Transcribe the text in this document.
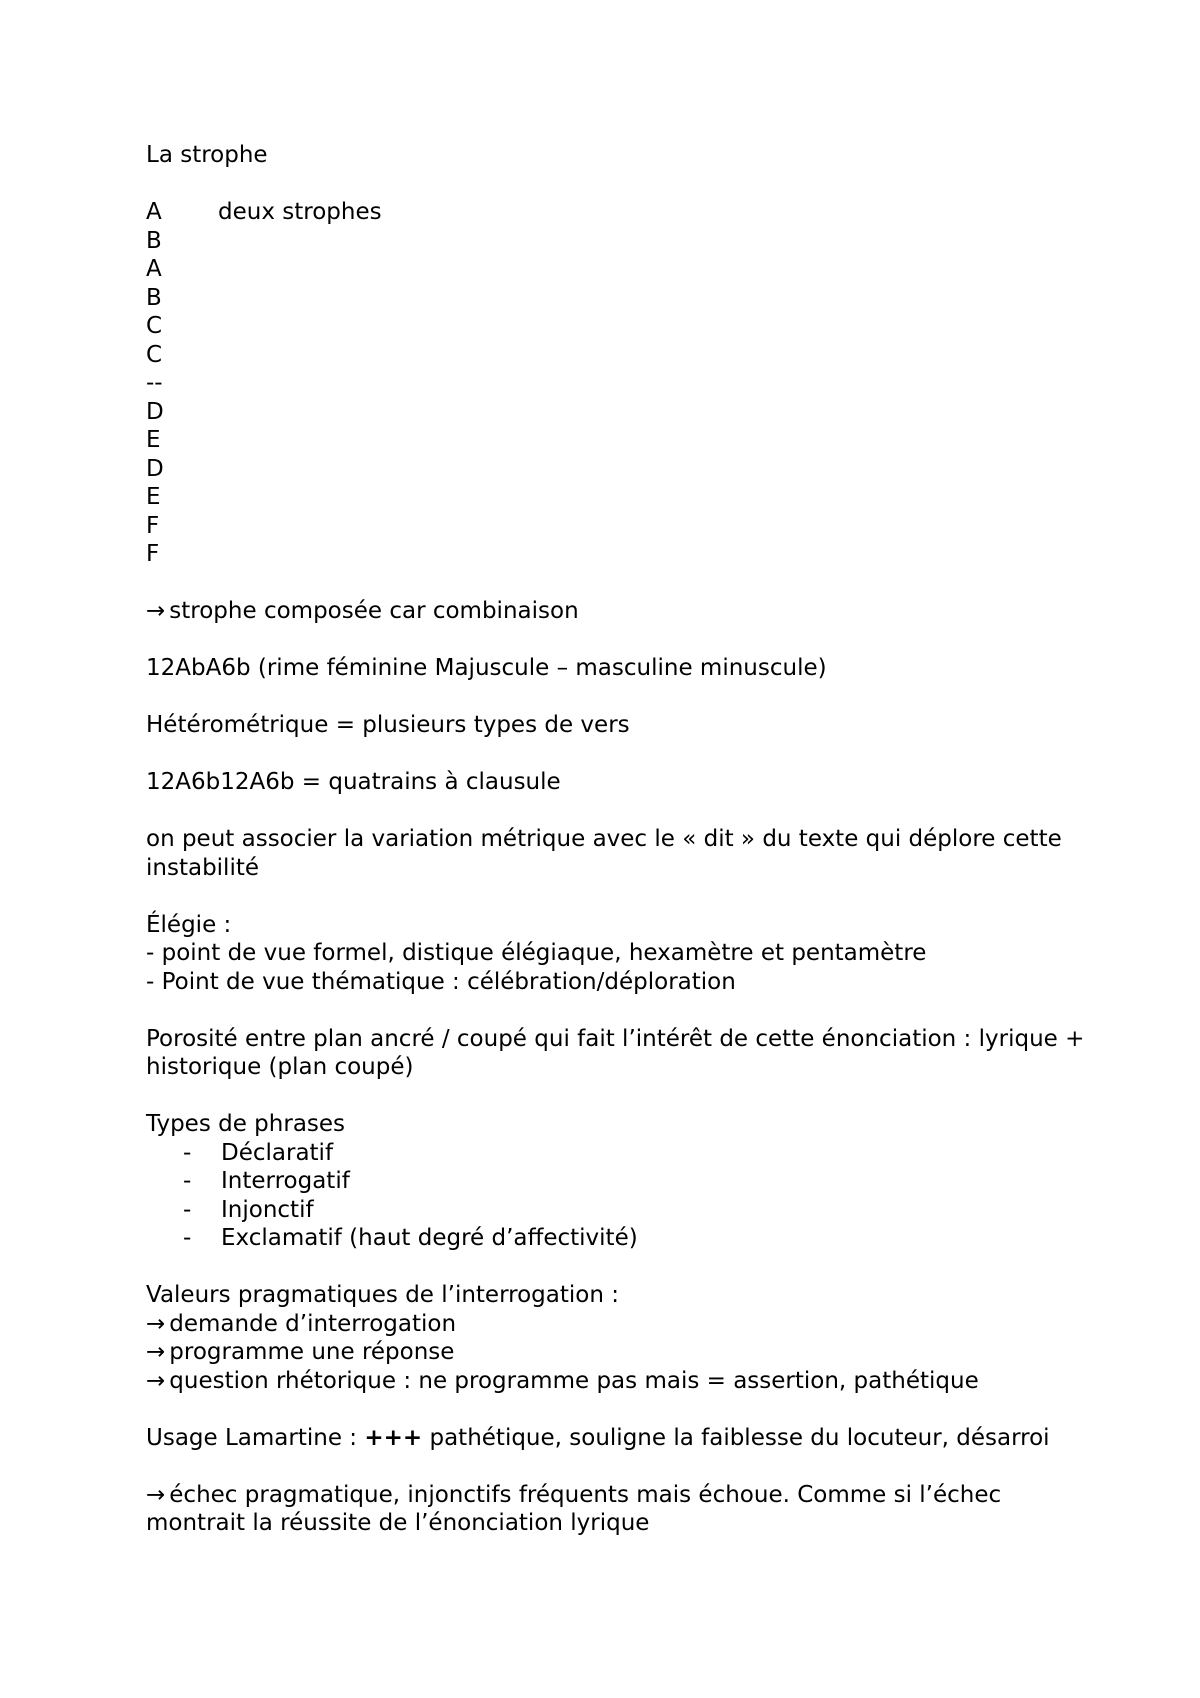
La strophe

A	deux strophes
B
A
B
C
C
--
D
E
D
E
F
F

→ strophe composée car combinaison

12AbA6b (rime féminine Majuscule – masculine minuscule)

Hétérométrique = plusieurs types de vers

12A6b12A6b = quatrains à clausule

on peut associer la variation métrique avec le « dit » du texte qui déplore cette instabilité

Élégie :

- point de vue formel, distique élégiaque, hexamètre et pentamètre

- Point de vue thématique : célébration/déploration

Porosité entre plan ancré / coupé qui fait l’intérêt de cette énonciation : lyrique + historique (plan coupé)

Types de phrases

-	Déclaratif
-	Interrogatif
-	Injonctif
-	Exclamatif (haut degré d’affectivité)

Valeurs pragmatiques de l’interrogation :

→ demande d’interrogation

→ programme une réponse

→ question rhétorique : ne programme pas mais = assertion, pathétique

Usage Lamartine : +++ pathétique, souligne la faiblesse du locuteur, désarroi

→ échec pragmatique, injonctifs fréquents mais échoue. Comme si l’échec montrait la réussite de l’énonciation lyrique
